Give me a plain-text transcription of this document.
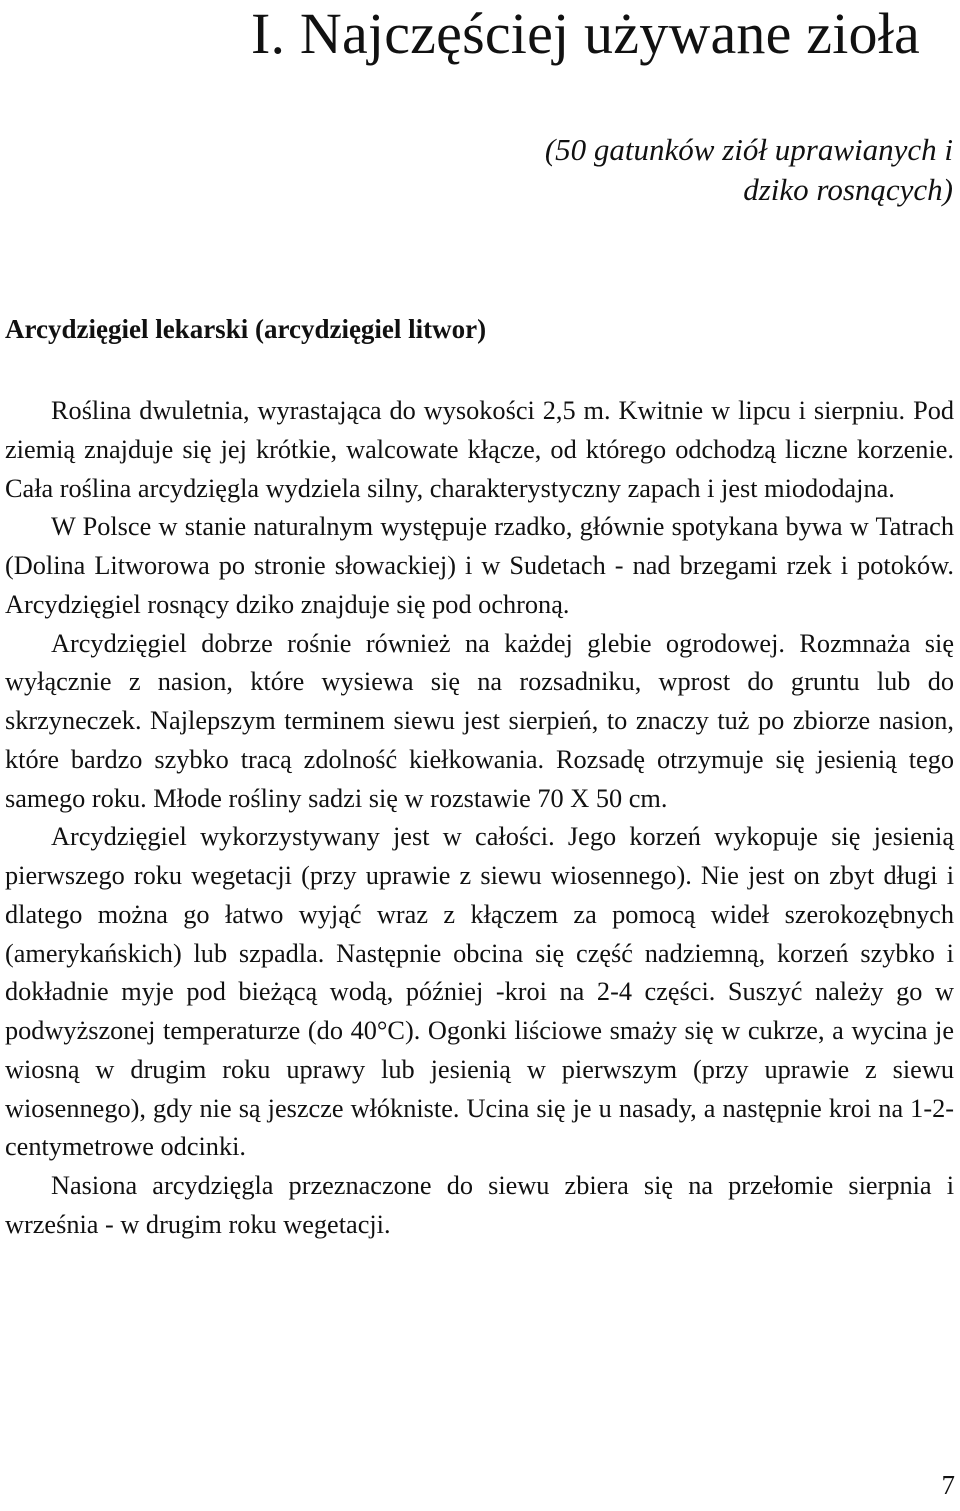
I. Najczęściej używane zioła
(50 gatunków ziół uprawianych i
dziko rosnących)
Arcydzięgiel lekarski (arcydzięgiel litwor)

Roślina dwuletnia, wyrastająca do wysokości 2,5 m. Kwitnie w lipcu i sierpniu. Pod ziemią znajduje się jej krótkie, walcowate kłącze, od którego odchodzą liczne korzenie. Cała roślina arcydzięgla wydziela silny, charakterystyczny zapach i jest miododajna.

W Polsce w stanie naturalnym występuje rzadko, głównie spotykana bywa w Tatrach (Dolina Litworowa po stronie słowackiej) i w Sudetach - nad brzegami rzek i potoków. Arcydzięgiel rosnący dziko znajduje się pod ochroną.

Arcydzięgiel dobrze rośnie również na każdej glebie ogrodowej. Rozmnaża się wyłącznie z nasion, które wysiewa się na rozsadniku, wprost do gruntu lub do skrzyneczek. Najlepszym terminem siewu jest sierpień, to znaczy tuż po zbiorze nasion, które bardzo szybko tracą zdolność kiełkowania. Rozsadę otrzymuje się jesienią tego samego roku. Młode rośliny sadzi się w rozstawie 70 X 50 cm.

Arcydzięgiel wykorzystywany jest w całości. Jego korzeń wykopuje się jesienią pierwszego roku wegetacji (przy uprawie z siewu wiosennego). Nie jest on zbyt długi i dlatego można go łatwo wyjąć wraz z kłączem za pomocą wideł szerokozębnych (amerykańskich) lub szpadla. Następnie obcina się część nadziemną, korzeń szybko i dokładnie myje pod bieżącą wodą, później -kroi na 2-4 części. Suszyć należy go w podwyższonej temperaturze (do 40°C). Ogonki liściowe smaży się w cukrze, a wycina je wiosną w drugim roku uprawy lub jesienią w pierwszym (przy uprawie z siewu wiosennego), gdy nie są jeszcze włókniste. Ucina się je u nasady, a następnie kroi na 1-2-centymetrowe odcinki.

Nasiona arcydzięgla przeznaczone do siewu zbiera się na przełomie sierpnia i września - w drugim roku wegetacji.

7
